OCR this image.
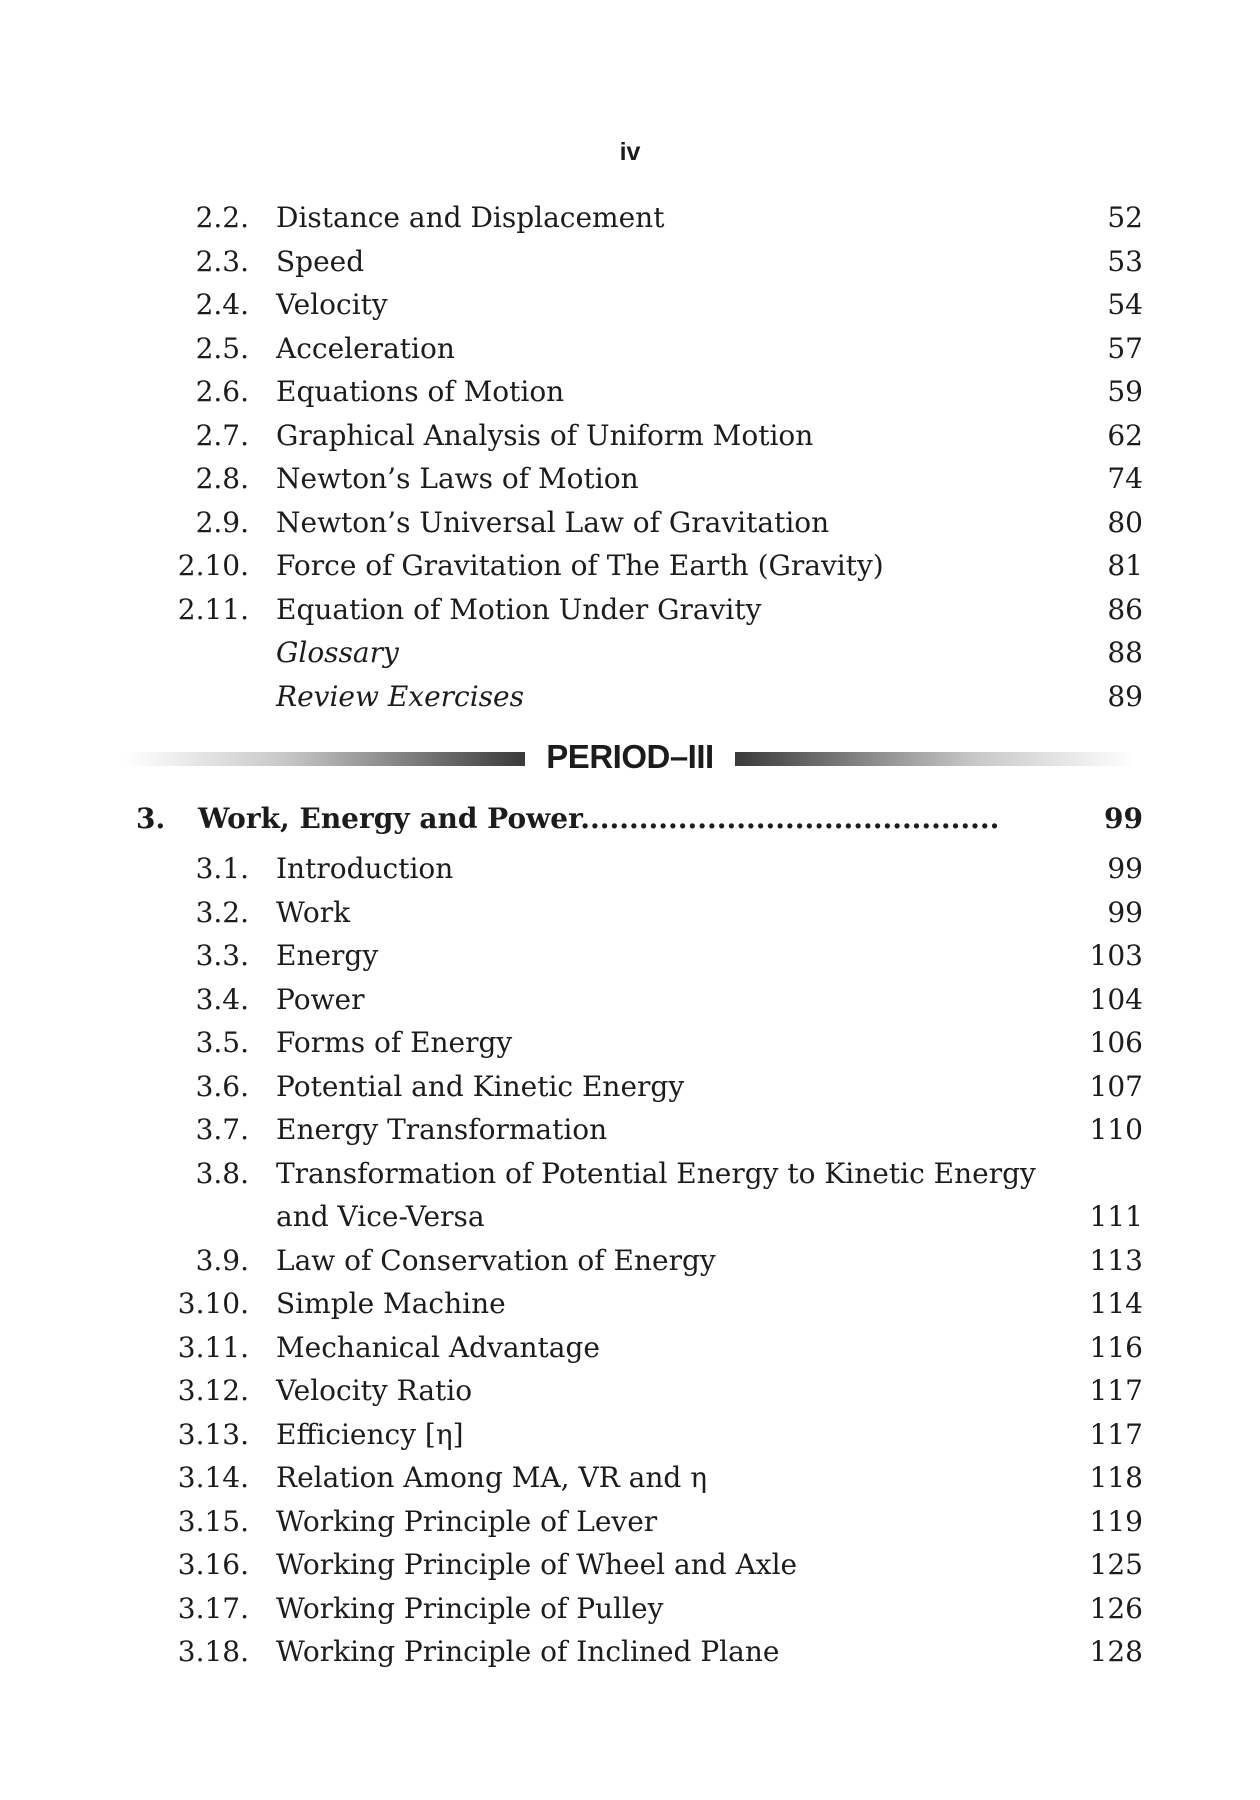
iv
2.2. Distance and Displacement	52
2.3. Speed	53
2.4. Velocity	54
2.5. Acceleration	57
2.6. Equations of Motion	59
2.7. Graphical Analysis of Uniform Motion	62
2.8. Newton’s Laws of Motion	74
2.9. Newton’s Universal Law of Gravitation	80
2.10. Force of Gravitation of The Earth (Gravity)	81
2.11. Equation of Motion Under Gravity	86
Glossary	88
Review Exercises	89
PERIOD–III
3. Work, Energy and Power...........................................	99
3.1. Introduction	99
3.2. Work	99
3.3. Energy	103
3.4. Power	104
3.5. Forms of Energy	106
3.6. Potential and Kinetic Energy	107
3.7. Energy Transformation	110
3.8. Transformation of Potential Energy to Kinetic Energy
and Vice-Versa	111
3.9. Law of Conservation of Energy	113
3.10. Simple Machine	114
3.11. Mechanical Advantage	116
3.12. Velocity Ratio	117
3.13. Efficiency [η]	117
3.14. Relation Among MA, VR and η	118
3.15. Working Principle of Lever	119
3.16. Working Principle of Wheel and Axle	125
3.17. Working Principle of Pulley	126
3.18. Working Principle of Inclined Plane	128
